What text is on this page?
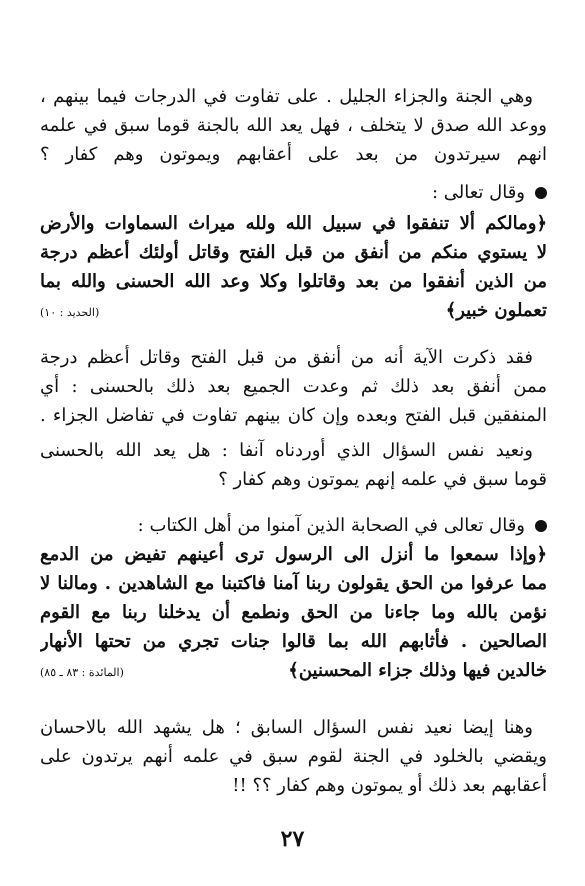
وهي الجنة والجزاء الجليل . على تفاوت في الدرجات فيما بينهم ،
ووعد الله صدق لا يتخلف ، فهل يعد الله بالجنة قوما سبق في علمه
انهم سيرتدون من بعد على أعقابهم ويموتون وهم كفار ؟
وقال تعالى :
﴿ومالكم ألا تنفقوا في سبيل الله ولله ميراث السماوات والأرض
لا يستوي منكم من أنفق من قبل الفتح وقاتل أولئك أعظم درجة
من الذين أنفقوا من بعد وقاتلوا وكلا وعد الله الحسنى والله بما
تعملون خبير﴾
(الحديد : ١٠)
فقد ذكرت الآية أنه من أنفق من قبل الفتح وقاتل أعظم درجة
ممن أنفق بعد ذلك ثم وعدت الجميع بعد ذلك بالحسنى : أي
المنفقين قبل الفتح وبعده وإن كان بينهم تفاوت في تفاضل الجزاء .
ونعيد نفس السؤال الذي أوردناه آنفا : هل يعد الله بالحسنى
قوما سبق في علمه إنهم يموتون وهم كفار ؟
وقال تعالى في الصحابة الذين آمنوا من أهل الكتاب :
﴿وإذا سمعوا ما أنزل الى الرسول ترى أعينهم تفيض من الدمع
مما عرفوا من الحق يقولون ربنا آمنا فاكتبنا مع الشاهدين . ومالنا لا
نؤمن بالله وما جاءنا من الحق ونطمع أن يدخلنا ربنا مع القوم
الصالحين . فأثابهم الله بما قالوا جنات تجري من تحتها الأنهار
خالدين فيها وذلك جزاء المحسنين﴾
(المائدة : ٨٣ ـ ٨٥)
وهنا إيضا نعيد نفس السؤال السابق ؛ هل يشهد الله بالاحسان
ويقضي بالخلود في الجنة لقوم سبق في علمه أنهم يرتدون على
أعقابهم بعد ذلك أو يموتون وهم كفار ؟؟ !!
٢٧
